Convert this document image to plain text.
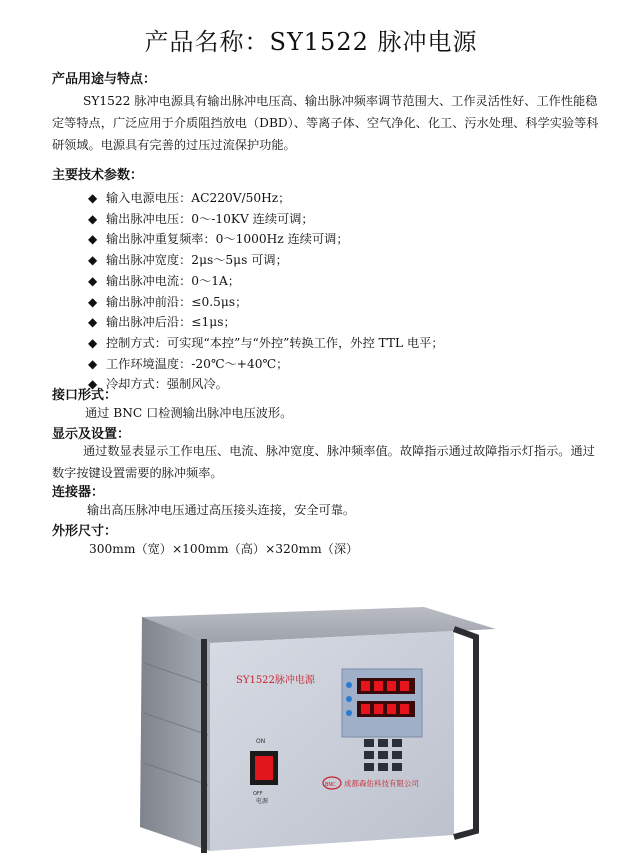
产品名称：SY1522 脉冲电源
产品用途与特点：
SY1522 脉冲电源具有输出脉冲电压高、输出脉冲频率调节范围大、工作灵活性好、工作性能稳定等特点，广泛应用于介质阻挡放电（DBD）、等离子体、空气净化、化工、污水处理、科学实验等科研领域。电源具有完善的过压过流保护功能。
主要技术参数：
◆ 输入电源电压：AC220V/50Hz；
◆ 输出脉冲电压：0～-10KV 连续可调；
◆ 输出脉冲重复频率：0～1000Hz 连续可调；
◆ 输出脉冲宽度：2μs～5μs 可调；
◆ 输出脉冲电流：0～1A；
◆ 输出脉冲前沿：≤0.5μs；
◆ 输出脉冲后沿：≤1μs；
◆ 控制方式：可实现“本控”与“外控”转换工作，外控 TTL 电平；
◆ 工作环境温度：-20℃～+40℃；
◆ 冷却方式：强制风冷。
接口形式：
通过 BNC 口检测输出脉冲电压波形。
显示及设置：
通过数显表显示工作电压、电流、脉冲宽度、脉冲频率值。故障指示通过故障指示灯指示。通过数字按键设置需要的脉冲频率。
连接器：
输出高压脉冲电压通过高压接头连接，安全可靠。
外形尺寸：
300mm（宽）×100mm（高）×320mm（深）
SY1522脉冲电源
ON
OFF
电源
BNC 成都森佑科技有限公司
